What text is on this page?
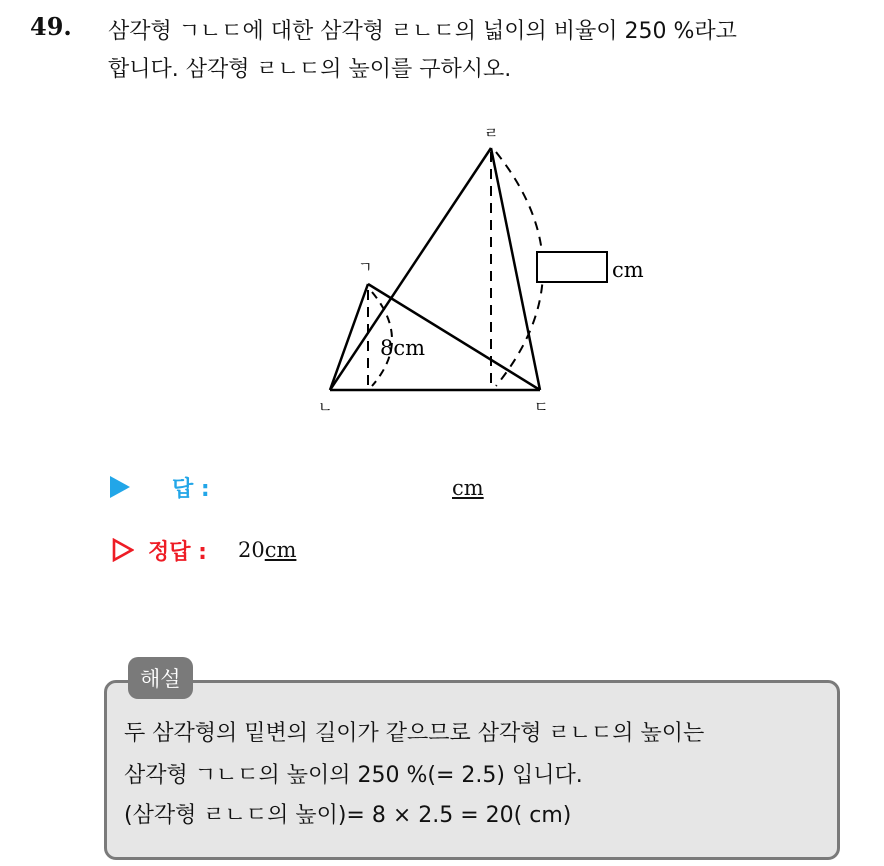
49. 삼각형 ㄱㄴㄷ에 대한 삼각형 ㄹㄴㄷ의 넓이의 비율이 250 %라고
합니다. 삼각형 ㄹㄴㄷ의 높이를 구하시오.
ㄹ
ㄱ
ㄴ	ㄷ
8cm
cm
답 :	cm
정답 : 20cm
해설
두 삼각형의 밑변의 길이가 같으므로 삼각형 ㄹㄴㄷ의 높이는
삼각형 ㄱㄴㄷ의 높이의 250 %(= 2.5) 입니다.
(삼각형 ㄹㄴㄷ의 높이)= 8 × 2.5 = 20( cm)
